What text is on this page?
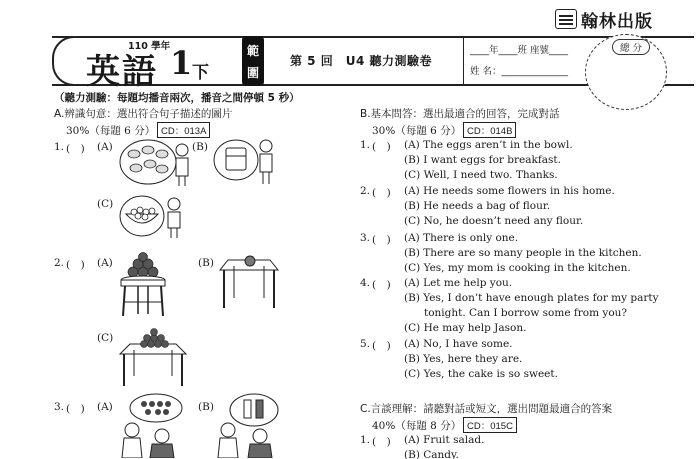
翰林出版
110 學年
英語 1 下
範
圍
第 5 回　U4 聽力測驗卷
____年____班 座號____
姓 名：______________
總 分
（聽力測驗：每題均播音兩次，播音之間停頓 5 秒）
A.辨識句意：選出符合句子描述的圖片
30%（每題 6 分） CD：013A
1. (　) (A)	(B)
(C)
2. (　) (A)	(B)
(C)
3. (　) (A)	(B)
B.基本問答：選出最適合的回答，完成對話
30%（每題 6 分） CD：014B
1. (　) (A) The eggs aren’t in the bowl.
(B) I want eggs for breakfast.
(C) Well, I need two. Thanks.
2. (　) (A) He needs some flowers in his home.
(B) He needs a bag of flour.
(C) No, he doesn’t need any flour.
3. (　) (A) There is only one.
(B) There are so many people in the kitchen.
(C) Yes, my mom is cooking in the kitchen.
4. (　) (A) Let me help you.
(B) Yes, I don’t have enough plates for my party
tonight. Can I borrow some from you?
(C) He may help Jason.
5. (　) (A) No, I have some.
(B) Yes, here they are.
(C) Yes, the cake is so sweet.
C.言談理解：請聽對話或短文，選出問題最適合的答案
40%（每題 8 分） CD：015C
1. (　) (A) Fruit salad.
(B) Candy.
